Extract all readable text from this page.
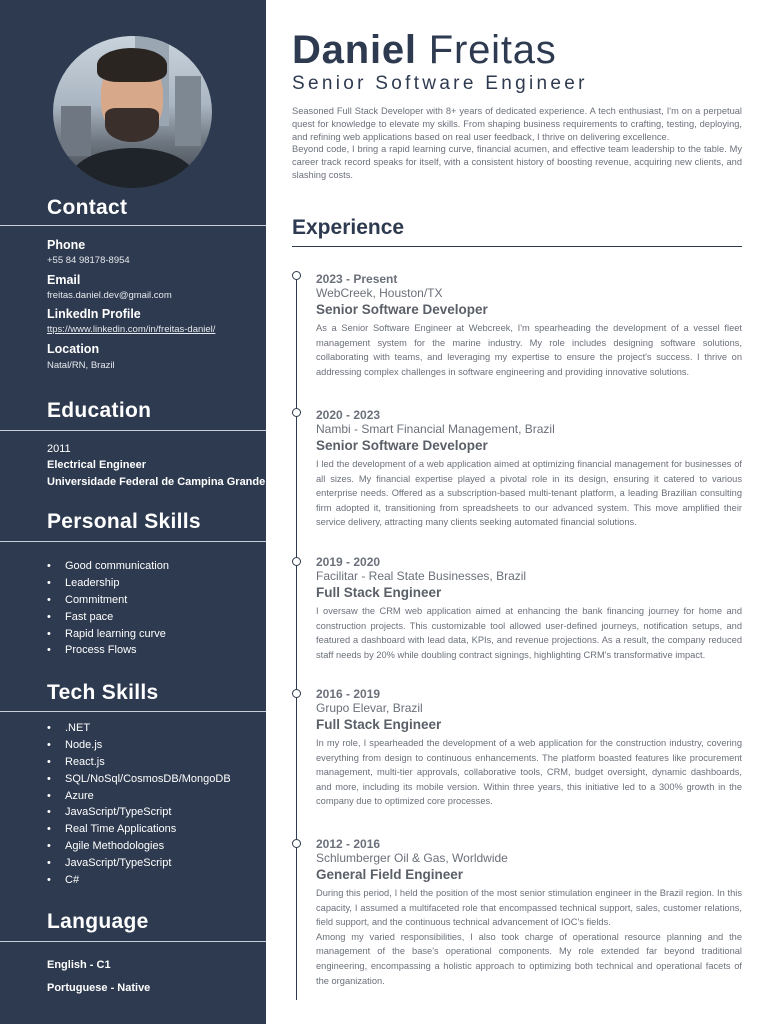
Contact
Phone
+55 84 98178-8954
Email
freitas.daniel.dev@gmail.com
LinkedIn Profile
ttps://www.linkedin.com/in/freitas-daniel/
Location
Natal/RN, Brazil
Education
2011
Electrical Engineer
Universidade Federal de Campina Grande
Personal Skills
• Good communication
• Leadership
• Commitment
• Fast pace
• Rapid learning curve
• Process Flows
Tech Skills
• .NET
• Node.js
• React.js
• SQL/NoSql/CosmosDB/MongoDB
• Azure
• JavaScript/TypeScript
• Real Time Applications
• Agile Methodologies
• JavaScript/TypeScript
• C#
Language
English - C1
Portuguese - Native
Daniel Freitas
Senior Software Engineer

Seasoned Full Stack Developer with 8+ years of dedicated experience. A tech enthusiast, I'm on a perpetual quest for knowledge to elevate my skills. From shaping business requirements to crafting, testing, deploying, and refining web applications based on real user feedback, I thrive on delivering excellence.

Beyond code, I bring a rapid learning curve, financial acumen, and effective team leadership to the table. My career track record speaks for itself, with a consistent history of boosting revenue, acquiring new clients, and slashing costs.

Experience
2023 - Present
WebCreek, Houston/TX
Senior Software Developer
As a Senior Software Engineer at Webcreek, I'm spearheading the development of a vessel fleet management system for the marine industry. My role includes designing software solutions, collaborating with teams, and leveraging my expertise to ensure the project's success. I thrive on addressing complex challenges in software engineering and providing innovative solutions.
2020 - 2023
Nambi - Smart Financial Management, Brazil
Senior Software Developer
I led the development of a web application aimed at optimizing financial management for businesses of all sizes. My financial expertise played a pivotal role in its design, ensuring it catered to various enterprise needs. Offered as a subscription-based multi-tenant platform, a leading Brazilian consulting firm adopted it, transitioning from spreadsheets to our advanced system. This move amplified their service delivery, attracting many clients seeking automated financial solutions.
2019 - 2020
Facilitar - Real State Businesses, Brazil
Full Stack Engineer
I oversaw the CRM web application aimed at enhancing the bank financing journey for home and construction projects. This customizable tool allowed user-defined journeys, notification setups, and featured a dashboard with lead data, KPIs, and revenue projections. As a result, the company reduced staff needs by 20% while doubling contract signings, highlighting CRM's transformative impact.
2016 - 2019
Grupo Elevar, Brazil
Full Stack Engineer
In my role, I spearheaded the development of a web application for the construction industry, covering everything from design to continuous enhancements. The platform boasted features like procurement management, multi-tier approvals, collaborative tools, CRM, budget oversight, dynamic dashboards, and more, including its mobile version. Within three years, this initiative led to a 300% growth in the company due to optimized core processes.
2012 - 2016
Schlumberger Oil & Gas, Worldwide
General Field Engineer
During this period, I held the position of the most senior stimulation engineer in the Brazil region. In this capacity, I assumed a multifaceted role that encompassed technical support, sales, customer relations, field support, and the continuous technical advancement of IOC's fields.
Among my varied responsibilities, I also took charge of operational resource planning and the management of the base's operational components. My role extended far beyond traditional engineering, encompassing a holistic approach to optimizing both technical and operational facets of the organization.
